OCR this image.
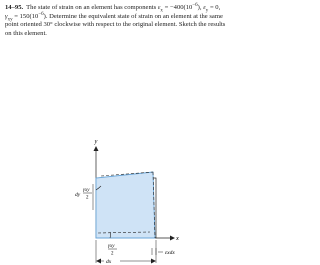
14–95. The state of strain on an element has components $\varepsilon_x = -400(10^{-6})$, $\varepsilon_y = 0$, $\gamma_{xy} = 150(10^{-6})$. Determine the equivalent state of strain on an element at the same point oriented 30° clockwise with respect to the original element. Sketch the results on this element.
y
x
γxy
2
dy
γxy
2
dx
εxdx
